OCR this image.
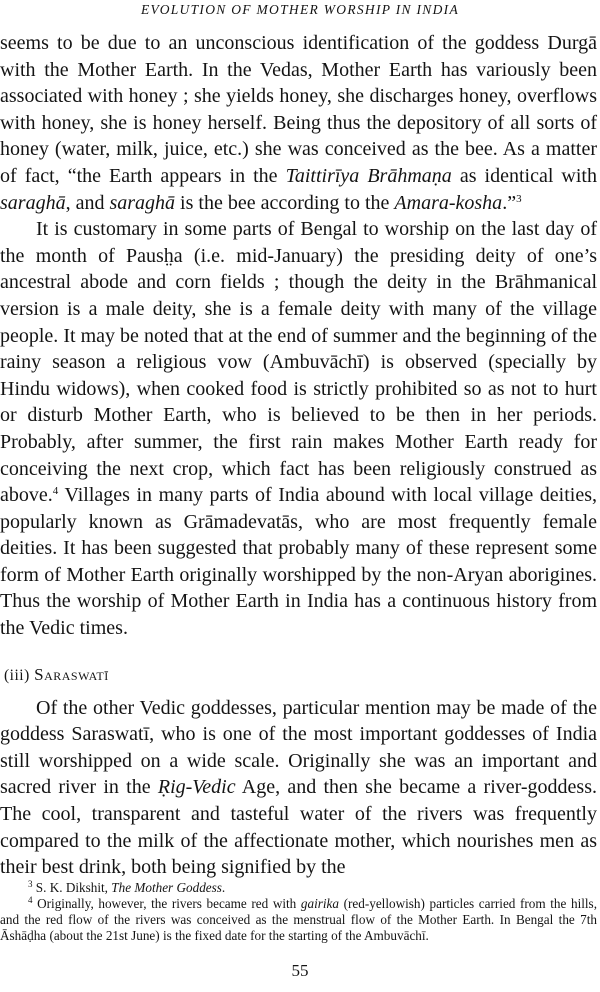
EVOLUTION OF MOTHER WORSHIP IN INDIA

seems to be due to an unconscious identification of the goddess Durgā with the Mother Earth. In the Vedas, Mother Earth has variously been associated with honey ; she yields honey, she discharges honey, overflows with honey, she is honey herself. Being thus the depository of all sorts of honey (water, milk, juice, etc.) she was conceived as the bee. As a matter of fact, “the Earth appears in the Taittirīya Brāhmaṇa as identical with saraghā, and saraghā is the bee according to the Amara-kosha.”$^3$

It is customary in some parts of Bengal to worship on the last day of the month of Paush̤a (i.e. mid-January) the presiding deity of one’s ancestral abode and corn fields ; though the deity in the Brāhmanical version is a male deity, she is a female deity with many of the village people. It may be noted that at the end of summer and the beginning of the rainy season a religious vow (Ambuvāchī) is observed (specially by Hindu widows), when cooked food is strictly prohibited so as not to hurt or disturb Mother Earth, who is believed to be then in her periods. Probably, after summer, the first rain makes Mother Earth ready for conceiving the next crop, which fact has been religiously construed as above.$^4$ Villages in many parts of India abound with local village deities, popularly known as Grāmadevatās, who are most frequently female deities. It has been suggested that probably many of these represent some form of Mother Earth originally worshipped by the non-Aryan aborigines. Thus the worship of Mother Earth in India has a continuous history from the Vedic times.

(iii) Saraswatī

Of the other Vedic goddesses, particular mention may be made of the goddess Saraswatī, who is one of the most important goddesses of India still worshipped on a wide scale. Originally she was an important and sacred river in the Ṛig-Vedic Age, and then she became a river-goddess. The cool, transparent and tasteful water of the rivers was frequently compared to the milk of the affectionate mother, which nourishes men as their best drink, both being signified by the

$^3$ S. K. Dikshit, The Mother Goddess.

$^4$ Originally, however, the rivers became red with gairika (red-yellowish) particles carried from the hills, and the red flow of the rivers was conceived as the menstrual flow of the Mother Earth. In Bengal the 7th Āshāḍha (about the 21st June) is the fixed date for the starting of the Ambuvāchī.

55
